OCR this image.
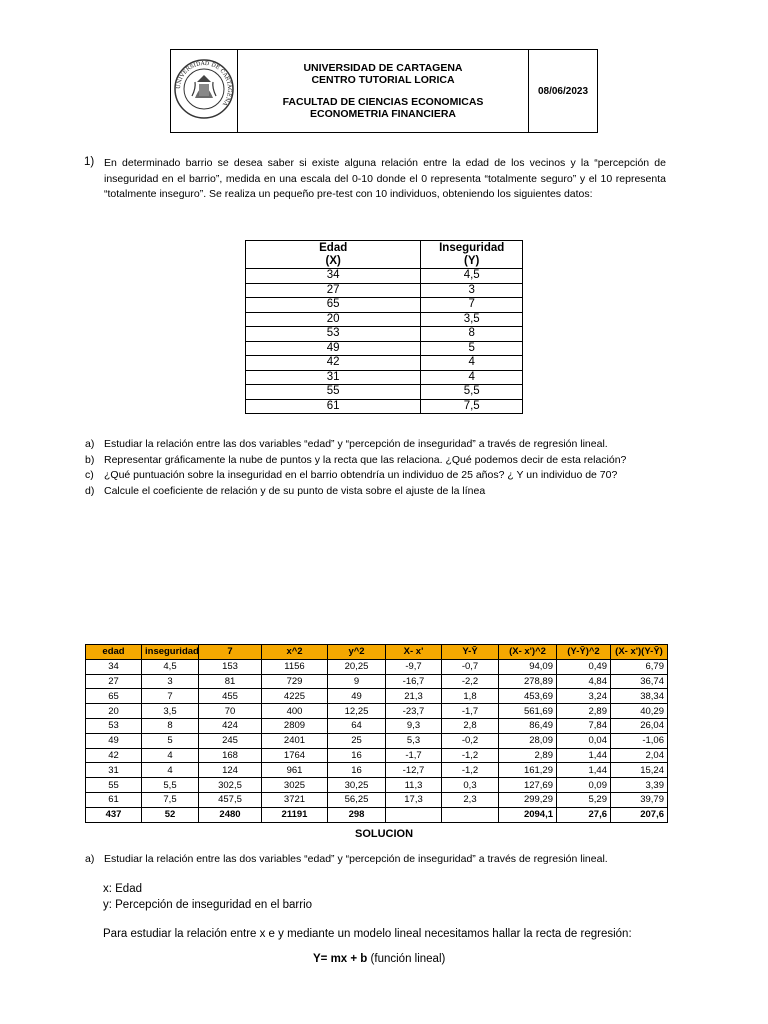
UNIVERSIDAD DE CARTAGENA

UNIVERSIDAD DE CARTAGENA
CENTRO TUTORIAL LORICA
FACULTAD DE CIENCIAS ECONOMICAS
ECONOMETRIA FINANCIERA
	08/06/2023
1) En determinado barrio se desea saber si existe alguna relación entre la edad de los vecinos y la “percepción de inseguridad en el barrio”, medida en una escala del 0-10 donde el 0 representa “totalmente seguro” y el 10 representa “totalmente inseguro”. Se realiza un pequeño pre-test con 10 individuos, obteniendo los siguientes datos:
Edad
(X)	Inseguridad
(Y)
34	4,5
27	3
65	7
20	3,5
53	8
49	5
42	4
31	4
55	5,5
61	7,5
a) Estudiar la relación entre las dos variables “edad” y “percepción de inseguridad” a través de regresión lineal.
b) Representar gráficamente la nube de puntos y la recta que las relaciona. ¿Qué podemos decir de esta relación?
c) ¿Qué puntuación sobre la inseguridad en el barrio obtendría un individuo de 25 años? ¿ Y un individuo de 70?
d) Calcule el coeficiente de relación y de su punto de vista sobre el ajuste de la línea
edad	inseguridad	7	x^2	y^2	X- x'	Y-Ȳ	(X- x')^2	(Y-Ȳ)^2	(X- x')(Y-Ȳ)
34	4,5	153	1156	20,25	-9,7	-0,7	94,09	0,49	6,79
27	3	81	729	9	-16,7	-2,2	278,89	4,84	36,74
65	7	455	4225	49	21,3	1,8	453,69	3,24	38,34
20	3,5	70	400	12,25	-23,7	-1,7	561,69	2,89	40,29
53	8	424	2809	64	9,3	2,8	86,49	7,84	26,04
49	5	245	2401	25	5,3	-0,2	28,09	0,04	-1,06
42	4	168	1764	16	-1,7	-1,2	2,89	1,44	2,04
31	4	124	961	16	-12,7	-1,2	161,29	1,44	15,24
55	5,5	302,5	3025	30,25	11,3	0,3	127,69	0,09	3,39
61	7,5	457,5	3721	56,25	17,3	2,3	299,29	5,29	39,79
437	52	2480	21191	298			2094,1	27,6	207,6
SOLUCION
a) Estudiar la relación entre las dos variables “edad” y “percepción de inseguridad” a través de regresión lineal.
x: Edad
y: Percepción de inseguridad en el barrio
Para estudiar la relación entre x e y mediante un modelo lineal necesitamos hallar la recta de regresión:
Y= mx + b (función lineal)
